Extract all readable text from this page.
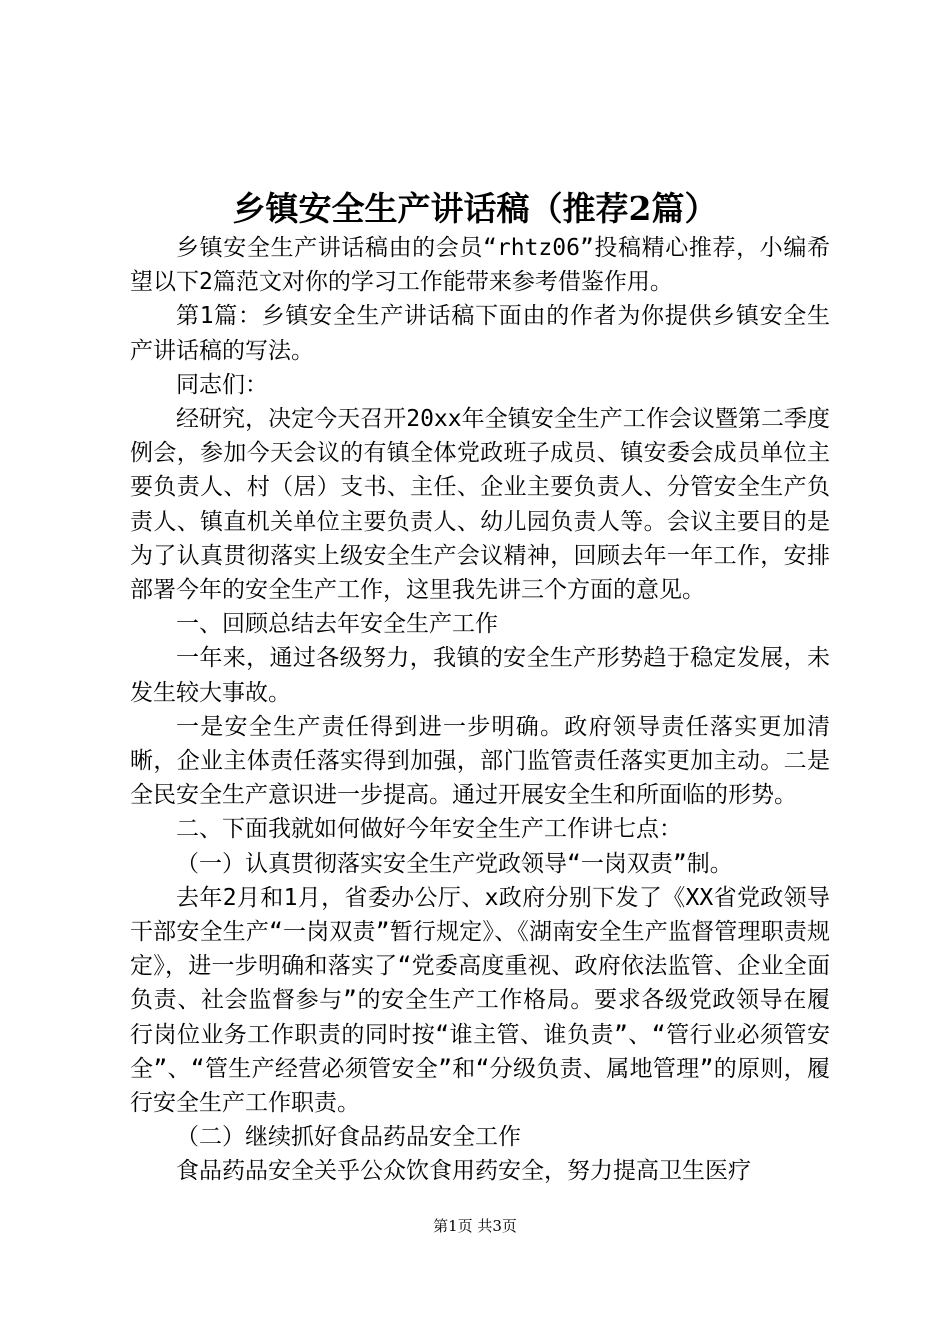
乡镇安全生产讲话稿（推荐2篇）

乡镇安全生产讲话稿由的会员“rhtz06”投稿精心推荐，小编希望以下2篇范文对你的学习工作能带来参考借鉴作用。

第1篇：乡镇安全生产讲话稿下面由的作者为你提供乡镇安全生产讲话稿的写法。

同志们：

经研究，决定今天召开20xx年全镇安全生产工作会议暨第二季度例会，参加今天会议的有镇全体党政班子成员、镇安委会成员单位主要负责人、村（居）支书、主任、企业主要负责人、分管安全生产负责人、镇直机关单位主要负责人、幼儿园负责人等。会议主要目的是为了认真贯彻落实上级安全生产会议精神，回顾去年一年工作，安排部署今年的安全生产工作，这里我先讲三个方面的意见。

一、回顾总结去年安全生产工作

一年来，通过各级努力，我镇的安全生产形势趋于稳定发展，未发生较大事故。

一是安全生产责任得到进一步明确。政府领导责任落实更加清晰，企业主体责任落实得到加强，部门监管责任落实更加主动。二是全民安全生产意识进一步提高。通过开展安全生和所面临的形势。

二、下面我就如何做好今年安全生产工作讲七点：

（一）认真贯彻落实安全生产党政领导“一岗双责”制。

去年2月和1月，省委办公厅、x政府分别下发了《XX省党政领导干部安全生产“一岗双责”暂行规定》、《湖南安全生产监督管理职责规定》，进一步明确和落实了“党委高度重视、政府依法监管、企业全面负责、社会监督参与”的安全生产工作格局。要求各级党政领导在履行岗位业务工作职责的同时按“谁主管、谁负责”、“管行业必须管安全”、“管生产经营必须管安全”和“分级负责、属地管理”的原则，履行安全生产工作职责。

（二）继续抓好食品药品安全工作

食品药品安全关乎公众饮食用药安全，努力提高卫生医疗

第1页 共3页
